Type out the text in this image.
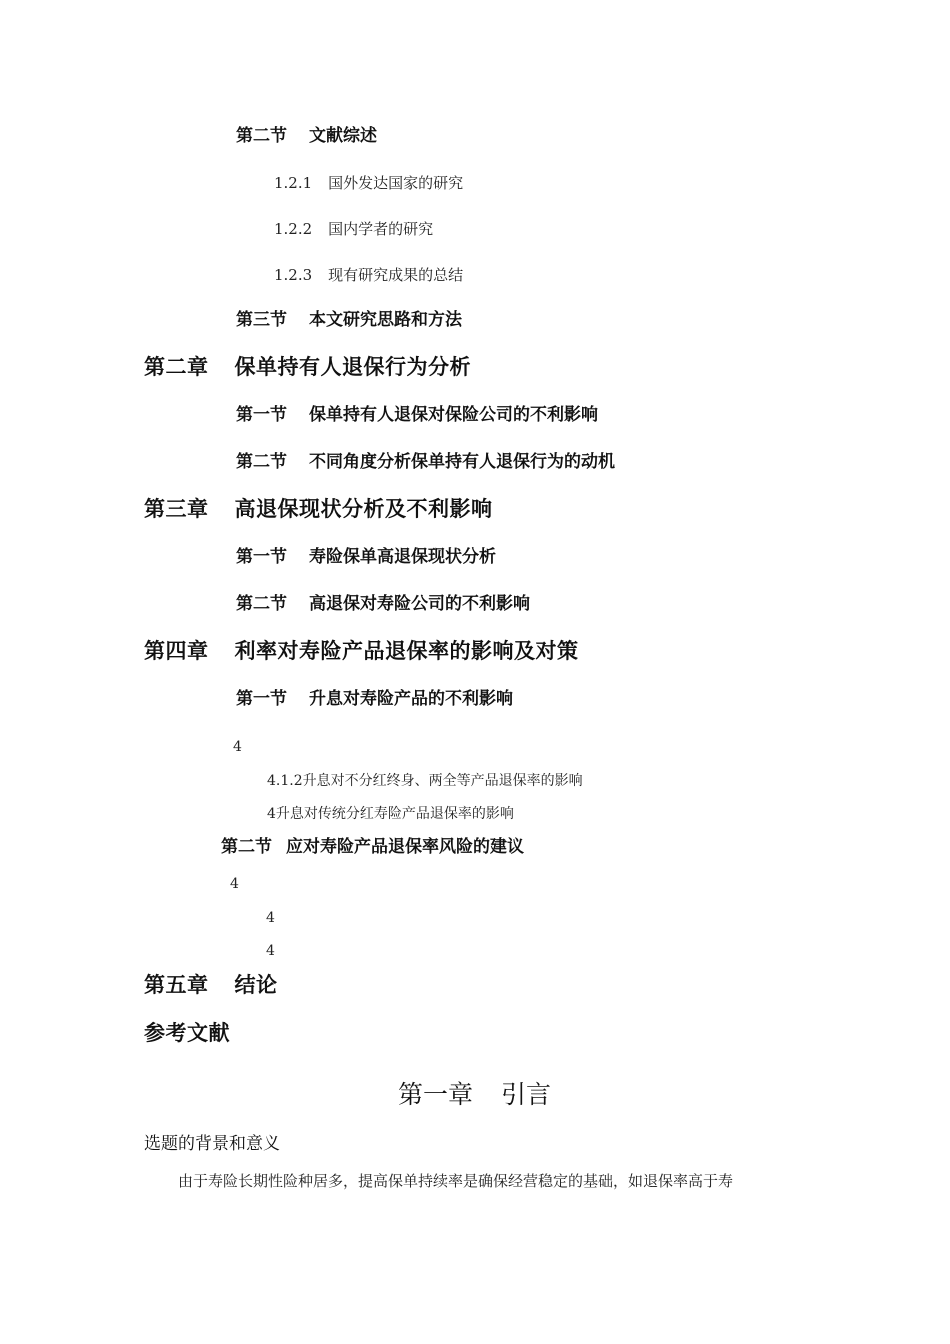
第二节 文献综述
1.2.1 国外发达国家的研究
1.2.2 国内学者的研究
1.2.3 现有研究成果的总结
第三节 本文研究思路和方法
第二章 保单持有人退保行为分析
第一节 保单持有人退保对保险公司的不利影响
第二节 不同角度分析保单持有人退保行为的动机
第三章 高退保现状分析及不利影响
第一节 寿险保单高退保现状分析
第二节 高退保对寿险公司的不利影响
第四章 利率对寿险产品退保率的影响及对策
第一节 升息对寿险产品的不利影响
4
4.1.2升息对不分红终身、两全等产品退保率的影响
4升息对传统分红寿险产品退保率的影响
第二节 应对寿险产品退保率风险的建议
4
4
4
第五章 结论
参考文献
第一章 引言
选题的背景和意义
由于寿险长期性险种居多，提高保单持续率是确保经营稳定的基础，如退保率高于寿
